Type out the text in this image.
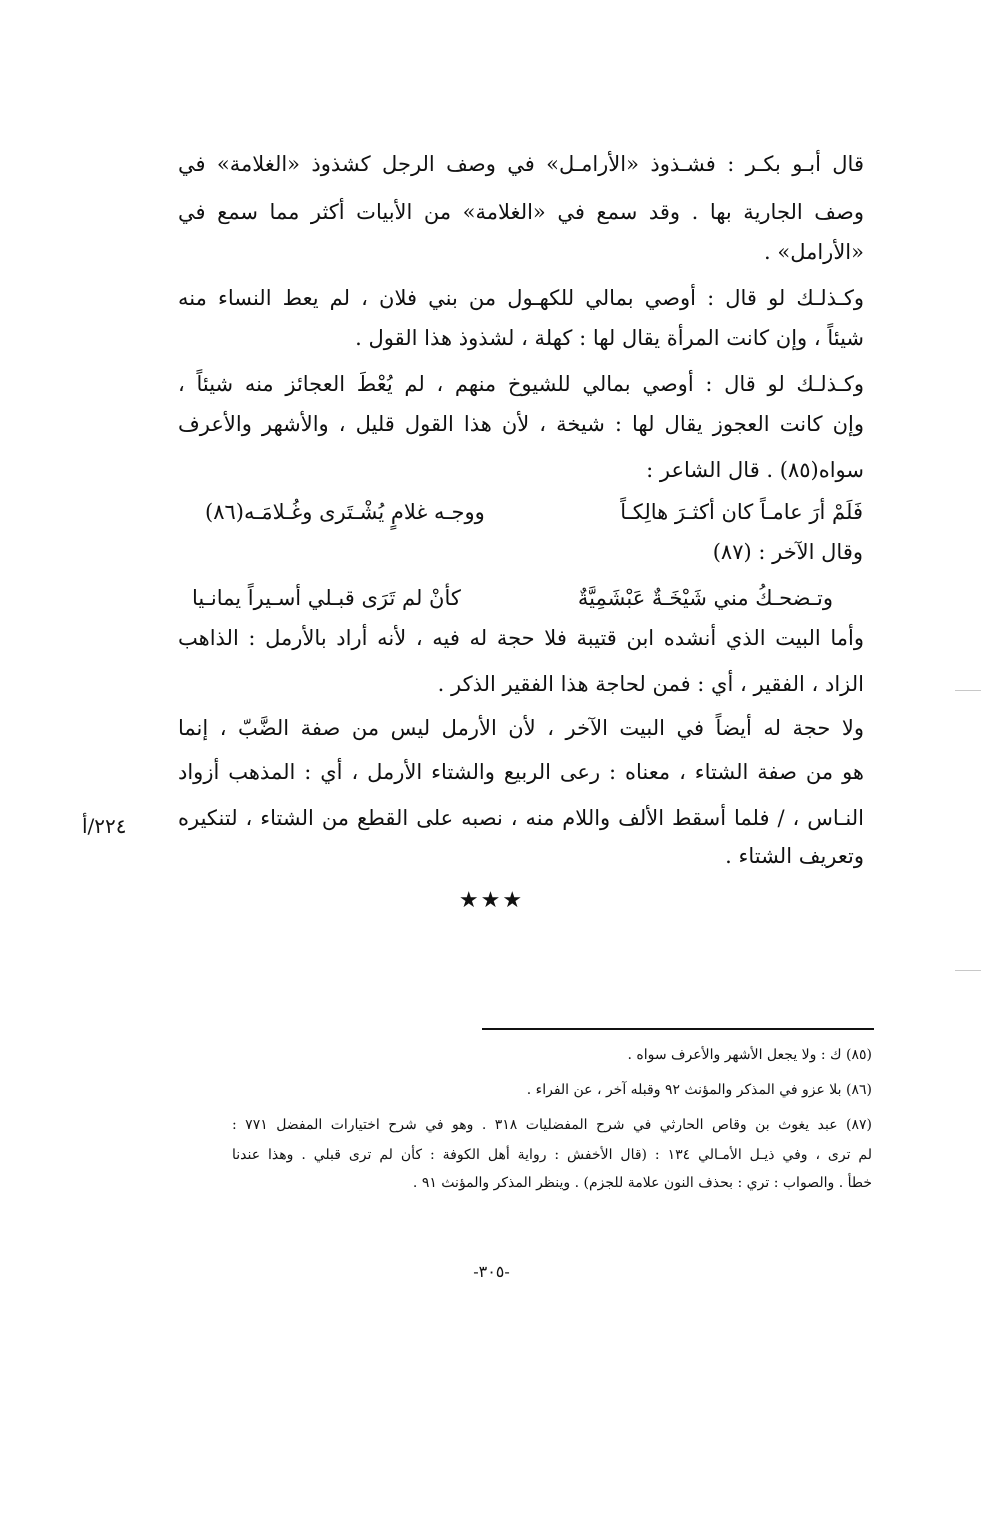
قال أبـو بكـر : فشـذوذ «الأرامـل» في وصف الرجل كشذوذ «الغلامة» في
وصف الجارية بها . وقد سمع في «الغلامة» من الأبيات أكثر مما سمع في
«الأرامل» .
وكـذلـك لو قال : أوصي بمالي للكهـول من بني فلان ، لم يعط النساء منه
شيئاً ، وإن كانت المرأة يقال لها : كهلة ، لشذوذ هذا القول .
وكـذلـك لو قال : أوصي بمالي للشيوخ منهم ، لم يُعْطَ العجائز منه شيئاً ،
وإن كانت العجوز يقال لها : شيخة ، لأن هذا القول قليل ، والأشهر والأعرف
سواه(٨٥) . قال الشاعر :
فَلَمْ أرَ عامـاً كان أكثـرَ هالِكـاً
ووجـه غلامٍ يُشْـتَرى وغُـلامَـه(٨٦)
وقال الآخر : (٨٧)
وتـضحـكُ مني شَيْخَـةٌ عَبْشَمِيَّةٌ
كأنْ لم تَرَى قبـلي أسـيراً يمانـيا
وأما البيت الذي أنشده ابن قتيبة فلا حجة له فيه ، لأنه أراد بالأرمل : الذاهب
الزاد ، الفقير ، أي : فمن لحاجة هذا الفقير الذكر .
ولا حجة له أيضاً في البيت الآخر ، لأن الأرمل ليس من صفة الضَّبّ ، إنما
هو من صفة الشتاء ، معناه : رعى الربيع والشتاء الأرمل ، أي : المذهب أزواد
النـاس ، / فلما أسقط الألف واللام منه ، نصبه على القطع من الشتاء ، لتنكيره
وتعريف الشتاء .
٢٢٤/أ
★★★
(٨٥) ك : ولا يجعل الأشهر والأعرف سواه .
(٨٦) بلا عزو في المذكر والمؤنث ٩٢ وقبله آخر ، عن الفراء .
(٨٧) عبد يغوث بن وقاص الحارثي في شرح المفضليات ٣١٨ . وهو في شرح اختيارات المفضل ٧٧١ :
لم ترى ، وفي ذيـل الأمـالي ١٣٤ : (قال الأخفش : رواية أهل الكوفة : كأن لم ترى قبلي . وهذا عندنا
خطأ . والصواب : تري : بحذف النون علامة للجزم) . وينظر المذكر والمؤنث ٩١ .
-٣٠٥-
